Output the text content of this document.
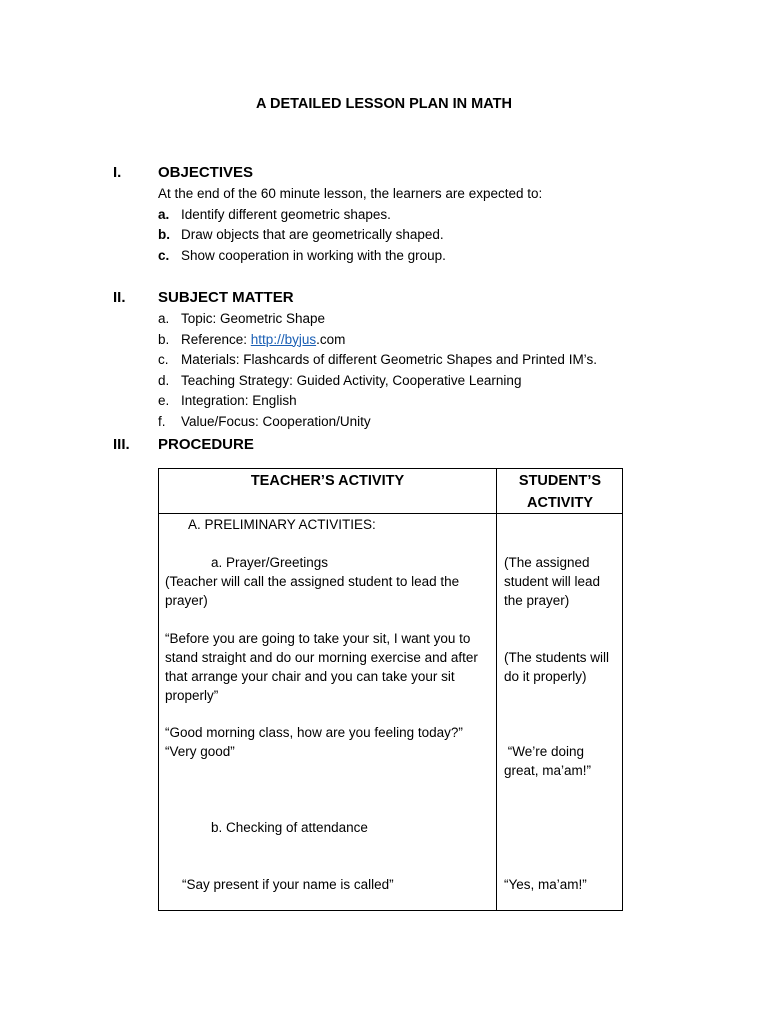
A DETAILED LESSON PLAN IN MATH
I. OBJECTIVES
At the end of the 60 minute lesson, the learners are expected to:
a. Identify different geometric shapes.
b. Draw objects that are geometrically shaped.
c. Show cooperation in working with the group.
II. SUBJECT MATTER
a. Topic: Geometric Shape
b. Reference: http://byjus.com
c. Materials: Flashcards of different Geometric Shapes and Printed IM’s.
d. Teaching Strategy: Guided Activity, Cooperative Learning
e. Integration: English
f.	Value/Focus: Cooperation/Unity
III. PROCEDURE
TEACHER’S ACTIVITY	STUDENT’S
ACTIVITY
A. PRELIMINARY ACTIVITIES:
a. Prayer/Greetings
(Teacher will call the assigned student to lead the
prayer)
“Before you are going to take your sit, I want you to
stand straight and do our morning exercise and after
that arrange your chair and you can take your sit
properly”
“Good morning class, how are you feeling today?”
“Very good”
b. Checking of attendance
“Say present if your name is called”
(The assigned
student will lead
the prayer)
(The students will
do it properly)
“We’re doing
great, ma’am!”
“Yes, ma’am!”
